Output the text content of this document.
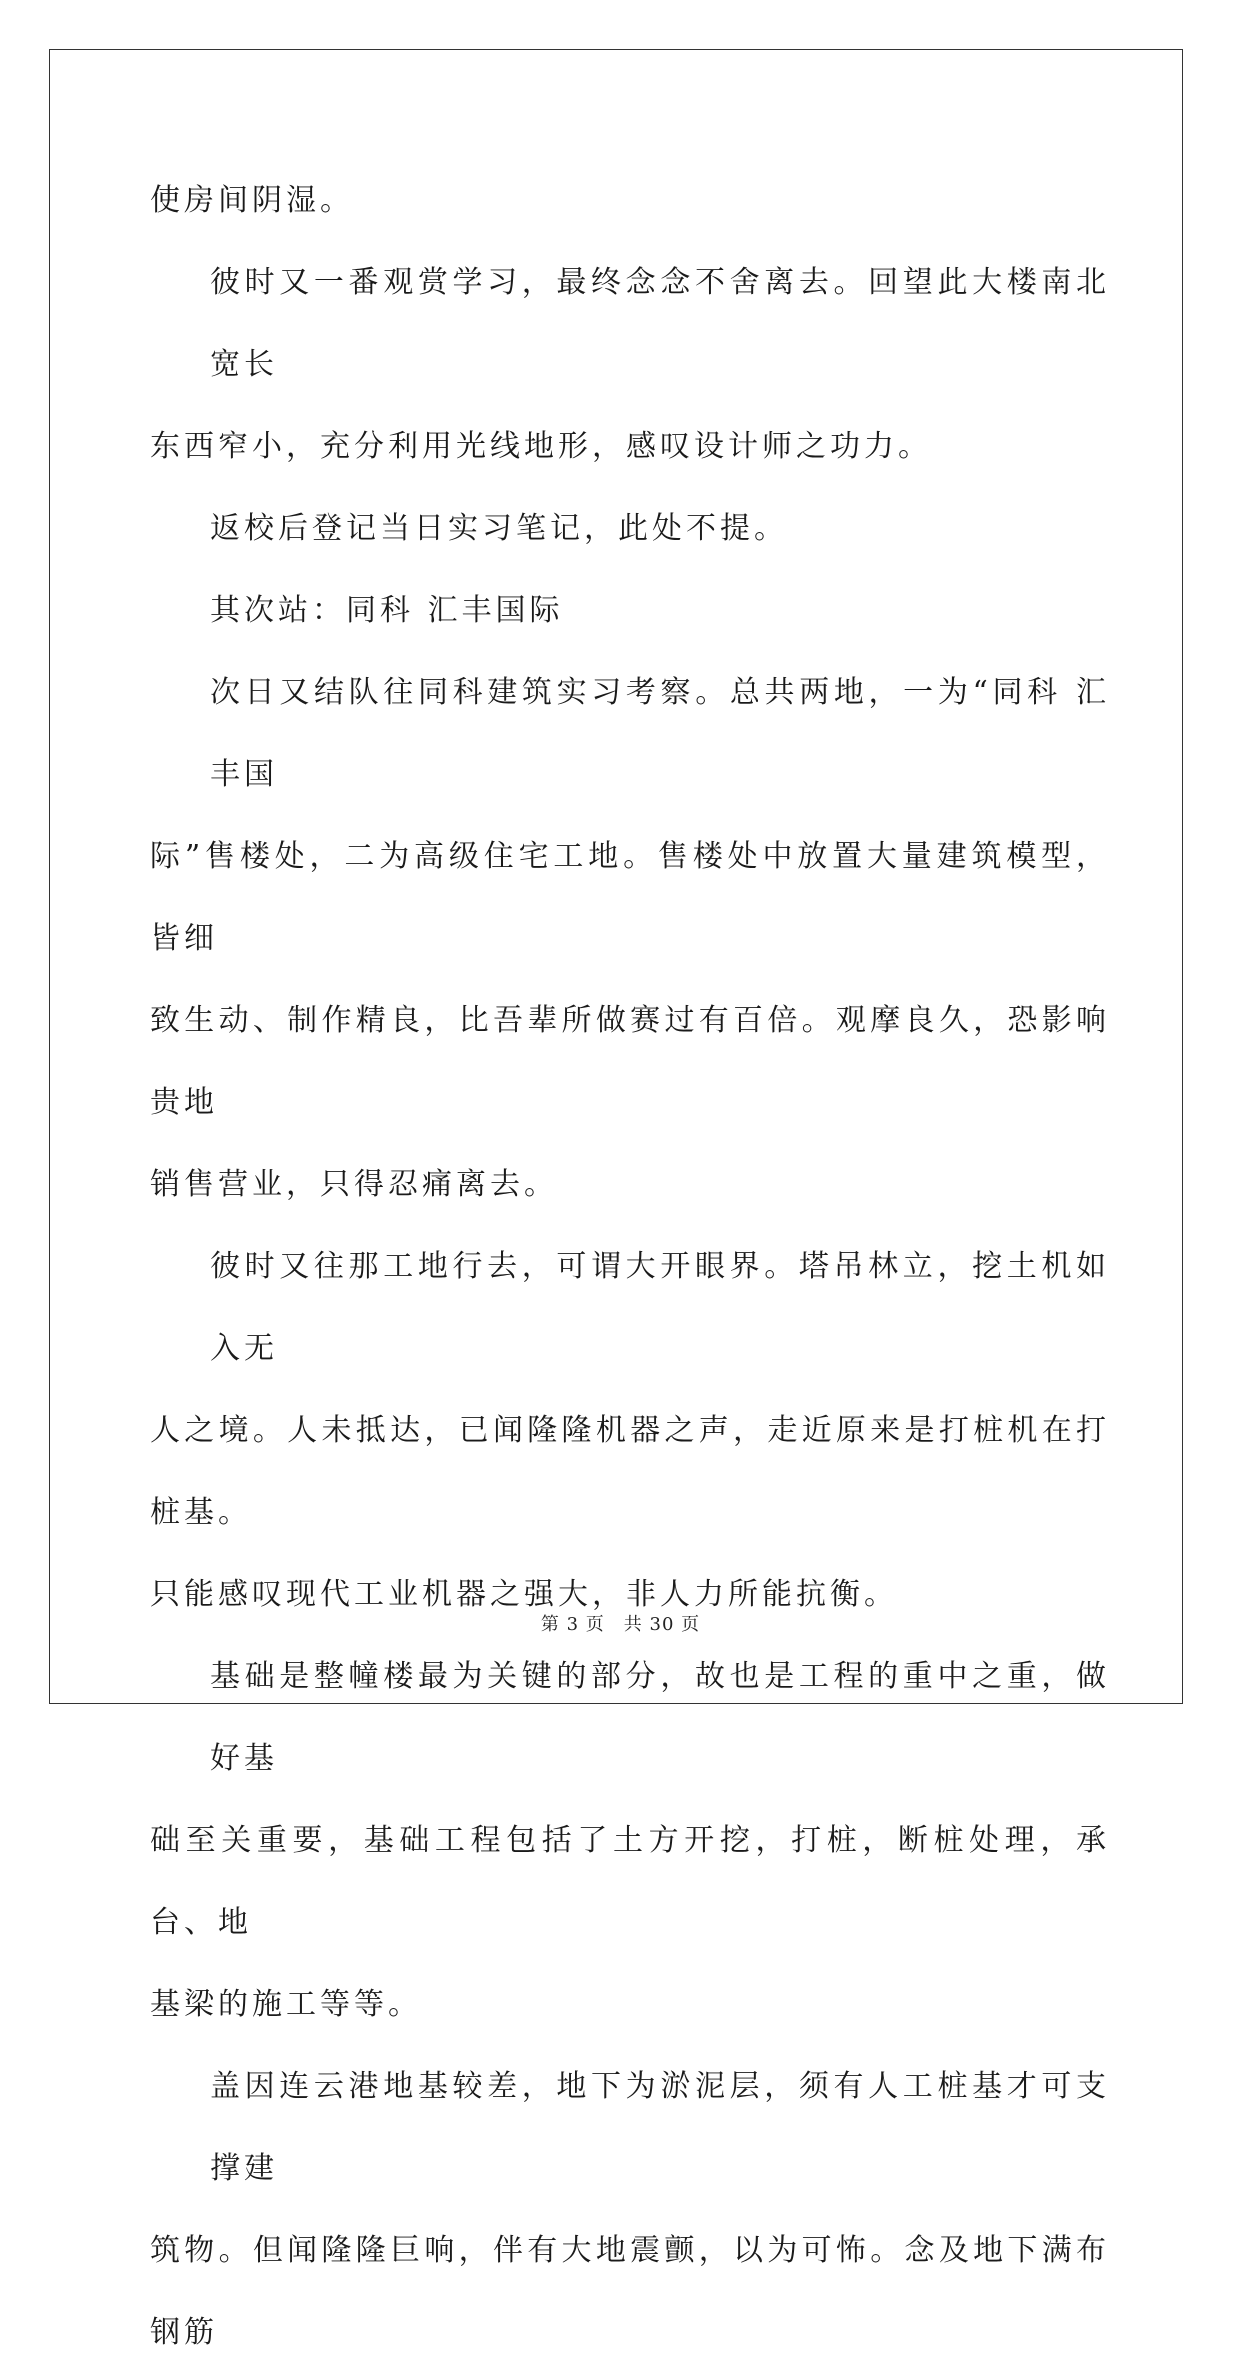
使房间阴湿。

彼时又一番观赏学习，最终念念不舍离去。回望此大楼南北宽长

东西窄小，充分利用光线地形，感叹设计师之功力。

返校后登记当日实习笔记，此处不提。

其次站：同科 汇丰国际

次日又结队往同科建筑实习考察。总共两地，一为“同科 汇丰国

际”售楼处，二为高级住宅工地。售楼处中放置大量建筑模型，皆细

致生动、制作精良，比吾辈所做赛过有百倍。观摩良久，恐影响贵地

销售营业，只得忍痛离去。

彼时又往那工地行去，可谓大开眼界。塔吊林立，挖土机如入无

人之境。人未抵达，已闻隆隆机器之声，走近原来是打桩机在打桩基。

只能感叹现代工业机器之强大，非人力所能抗衡。

基础是整幢楼最为关键的部分，故也是工程的重中之重，做好基

础至关重要，基础工程包括了土方开挖，打桩，断桩处理，承台、地

基梁的施工等等。

盖因连云港地基较差，地下为淤泥层，须有人工桩基才可支撑建

筑物。但闻隆隆巨响，伴有大地震颤，以为可怖。念及地下满布钢筋

第 3 页　共 30 页
